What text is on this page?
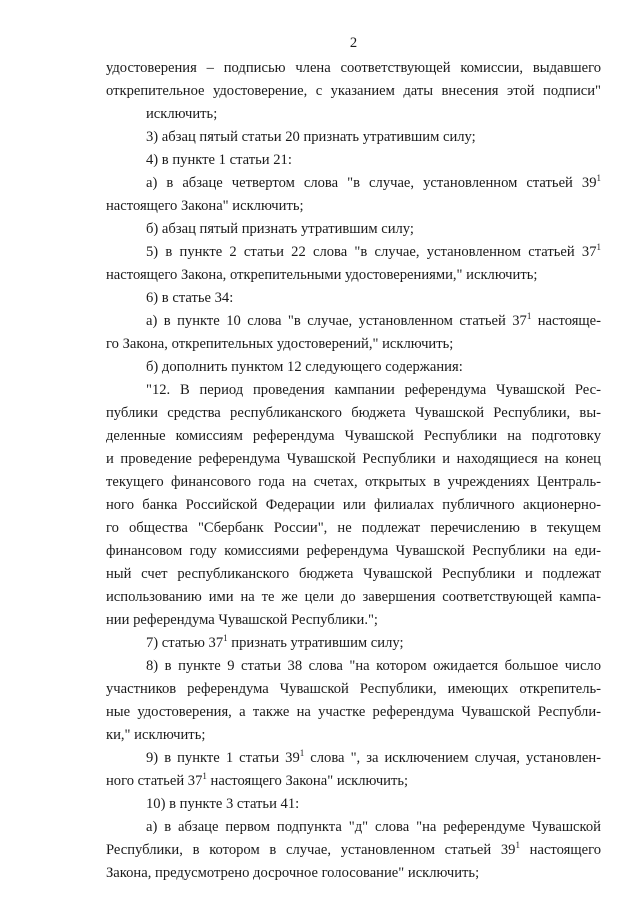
2
удостоверения – подписью члена соответствующей комиссии, выдавшего
открепительное удостоверение, с указанием даты внесения этой подписи"
исключить;
3) абзац пятый статьи 20 признать утратившим силу;
4) в пункте 1 статьи 21:
а) в абзаце четвертом слова "в случае, установленном статьей $39^1$
настоящего Закона" исключить;
б) абзац пятый признать утратившим силу;
5) в пункте 2 статьи 22 слова "в случае, установленном статьей $37^1$
настоящего Закона, открепительными удостоверениями," исключить;
6) в статье 34:
а) в пункте 10 слова "в случае, установленном статьей $37^1$ настояще-
го Закона, открепительных удостоверений," исключить;
б) дополнить пунктом 12 следующего содержания:
"12. В период проведения кампании референдума Чувашской Рес-
публики средства республиканского бюджета Чувашской Республики, вы-
деленные комиссиям референдума Чувашской Республики на подготовку
и проведение референдума Чувашской Республики и находящиеся на конец
текущего финансового года на счетах, открытых в учреждениях Централь-
ного банка Российской Федерации или филиалах публичного акционерно-
го общества "Сбербанк России", не подлежат перечислению в текущем
финансовом году комиссиями референдума Чувашской Республики на еди-
ный счет республиканского бюджета Чувашской Республики и подлежат
использованию ими на те же цели до завершения соответствующей кампа-
нии референдума Чувашской Республики.";
7) статью $37^1$ признать утратившим силу;
8) в пункте 9 статьи 38 слова "на котором ожидается большое число
участников референдума Чувашской Республики, имеющих открепитель-
ные удостоверения, а также на участке референдума Чувашской Республи-
ки," исключить;
9) в пункте 1 статьи $39^1$ слова ", за исключением случая, установлен-
ного статьей $37^1$ настоящего Закона" исключить;
10) в пункте 3 статьи 41:
а) в абзаце первом подпункта "д" слова "на референдуме Чувашской
Республики, в котором в случае, установленном статьей $39^1$ настоящего
Закона, предусмотрено досрочное голосование" исключить;
